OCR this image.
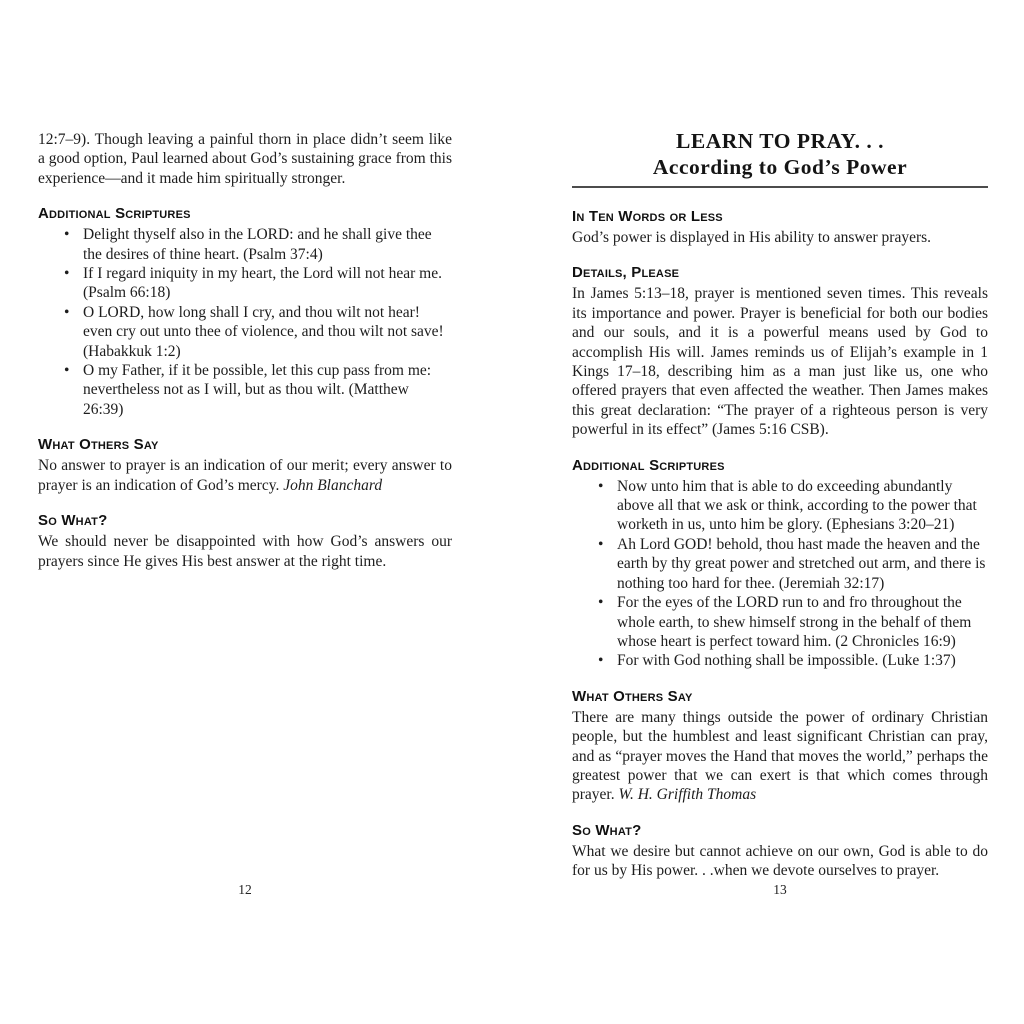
12:7–9). Though leaving a painful thorn in place didn’t seem like a good option, Paul learned about God’s sustaining grace from this experience—and it made him spiritually stronger.

Additional Scriptures
• Delight thyself also in the LORD: and he shall give thee the desires of thine heart. (Psalm 37:4)
• If I regard iniquity in my heart, the Lord will not hear me. (Psalm 66:18)
• O LORD, how long shall I cry, and thou wilt not hear!
even cry out unto thee of violence, and thou wilt not save!
(Habakkuk 1:2)
• O my Father, if it be possible, let this cup pass from me: nevertheless not as I will, but as thou wilt. (Matthew 26:39)
What Others Say

No answer to prayer is an indication of our merit; every answer to prayer is an indication of God’s mercy. John Blanchard

So What?

We should never be disappointed with how God’s answers our prayers since He gives His best answer at the right time.

LEARN TO PRAY. . .
According to God’s Power
In Ten Words or Less

God’s power is displayed in His ability to answer prayers.

Details, Please

In James 5:13–18, prayer is mentioned seven times. This reveals its importance and power. Prayer is beneficial for both our bodies and our souls, and it is a powerful means used by God to accomplish His will. James reminds us of Elijah’s example in 1 Kings 17–18, describing him as a man just like us, one who offered prayers that even affected the weather. Then James makes this great declaration: “The prayer of a righteous person is very powerful in its effect” (James 5:16 CSB).

Additional Scriptures
• Now unto him that is able to do exceeding abundantly above all that we ask or think, according to the power that worketh in us, unto him be glory. (Ephesians 3:20–21)
• Ah Lord GOD! behold, thou hast made the heaven and the earth by thy great power and stretched out arm, and there is nothing too hard for thee. (Jeremiah 32:17)
• For the eyes of the LORD run to and fro throughout the whole earth, to shew himself strong in the behalf of them whose heart is perfect toward him. (2 Chronicles 16:9)
• For with God nothing shall be impossible. (Luke 1:37)
What Others Say

There are many things outside the power of ordinary Christian people, but the humblest and least significant Christian can pray, and as “prayer moves the Hand that moves the world,” perhaps the greatest power that we can exert is that which comes through prayer. W. H. Griffith Thomas

So What?

What we desire but cannot achieve on our own, God is able to do for us by His power. . .when we devote ourselves to prayer.

12	13
